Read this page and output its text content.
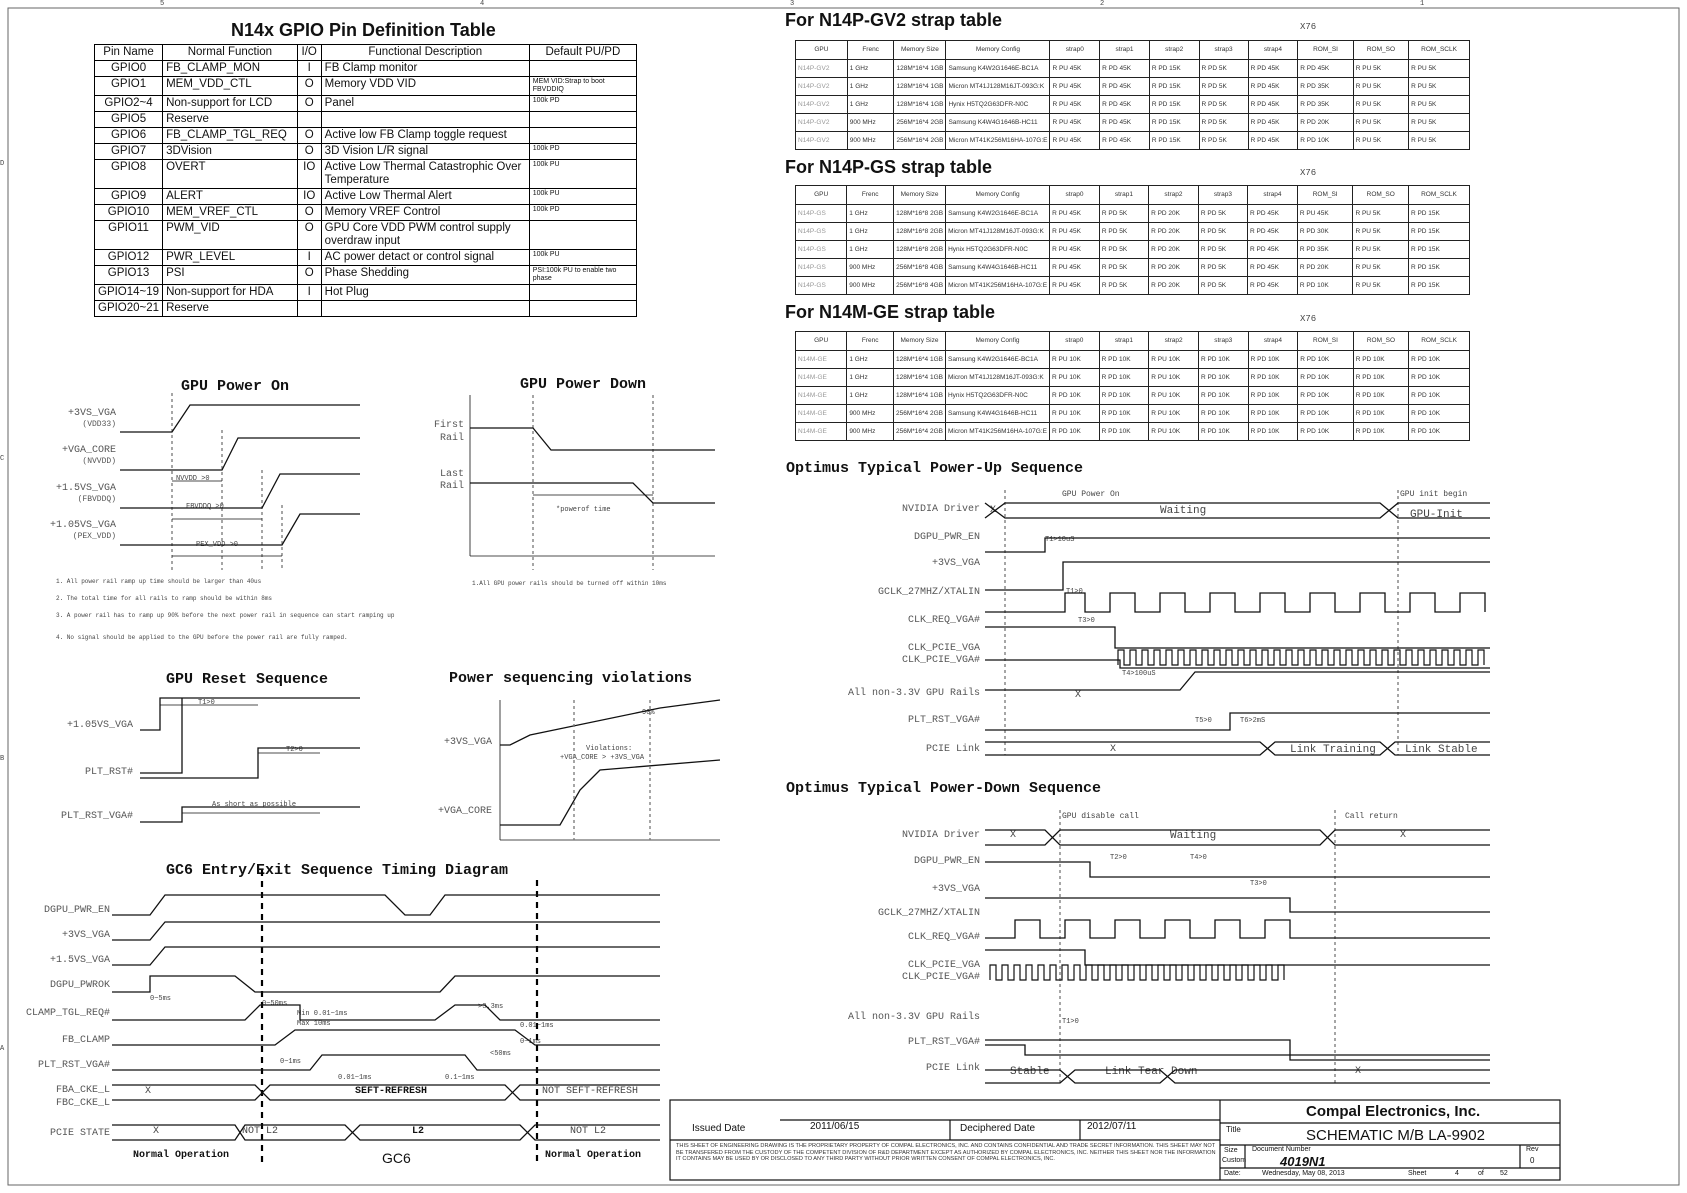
5	4	3	2	1
D
C
B
A
N14x GPIO Pin Definition Table
Pin Name	Normal Function	I/O	Functional Description	Default PU/PD
GPIO0	FB_CLAMP_MON	I	FB Clamp monitor	
GPIO1	MEM_VDD_CTL	O	Memory VDD VID	MEM VID:Strap to boot FBVDDIQ
GPIO2~4	Non-support for LCD	O	Panel	100k PD
GPIO5	Reserve			
GPIO6	FB_CLAMP_TGL_REQ	O	Active low FB Clamp toggle request	
GPIO7	3DVision	O	3D Vision L/R signal	100k PD
GPIO8	OVERT	IO	Active Low Thermal Catastrophic Over Temperature	100k PU
GPIO9	ALERT	IO	Active Low Thermal Alert	100k PU
GPIO10	MEM_VREF_CTL	O	Memory VREF Control	100k PD
GPIO11	PWM_VID	O	GPU Core VDD PWM control supply overdraw input	
GPIO12	PWR_LEVEL	I	AC power detact or control signal	100k PU
GPIO13	PSI	O	Phase Shedding	PSI:100k PU to enable two phase
GPIO14~19	Non-support for HDA	I	Hot Plug	
GPIO20~21	Reserve			
For N14P-GV2 strap table	X76
For N14P-GS strap table	X76
For N14M-GE strap table	X76
GPU	Frenc	Memory Size	Memory Config	strap0	strap1	strap2	strap3	strap4	ROM_SI	ROM_SO	ROM_SCLK
N14P-GV2	1 GHz	128M*16*4 1GB	Samsung K4W2G1646E-BC1A	R PU 45K	R PD 45K	R PD 15K	R PD 5K	R PD 45K	R PD 45K	R PU 5K	R PU 5K
N14P-GV2	1 GHz	128M*16*4 1GB	Micron MT41J128M16JT-093G:K	R PU 45K	R PD 45K	R PD 15K	R PD 5K	R PD 45K	R PD 35K	R PU 5K	R PU 5K
N14P-GV2	1 GHz	128M*16*4 1GB	Hynix H5TQ2G63DFR-N0C	R PU 45K	R PD 45K	R PD 15K	R PD 5K	R PD 45K	R PD 35K	R PU 5K	R PU 5K
N14P-GV2	900 MHz	256M*16*4 2GB	Samsung K4W4G1646B-HC11	R PU 45K	R PD 45K	R PD 15K	R PD 5K	R PD 45K	R PD 20K	R PU 5K	R PU 5K
N14P-GV2	900 MHz	256M*16*4 2GB	Micron MT41K256M16HA-107G:E	R PU 45K	R PD 45K	R PD 15K	R PD 5K	R PD 45K	R PD 10K	R PU 5K	R PU 5K
GPU	Frenc	Memory Size	Memory Config	strap0	strap1	strap2	strap3	strap4	ROM_SI	ROM_SO	ROM_SCLK
N14P-GS	1 GHz	128M*16*8 2GB	Samsung K4W2G1646E-BC1A	R PU 45K	R PD 5K	R PD 20K	R PD 5K	R PD 45K	R PU 45K	R PU 5K	R PD 15K
N14P-GS	1 GHz	128M*16*8 2GB	Micron MT41J128M16JT-093G:K	R PU 45K	R PD 5K	R PD 20K	R PD 5K	R PD 45K	R PD 30K	R PU 5K	R PD 15K
N14P-GS	1 GHz	128M*16*8 2GB	Hynix H5TQ2G63DFR-N0C	R PU 45K	R PD 5K	R PD 20K	R PD 5K	R PD 45K	R PD 35K	R PU 5K	R PD 15K
N14P-GS	900 MHz	256M*16*8 4GB	Samsung K4W4G1646B-HC11	R PU 45K	R PD 5K	R PD 20K	R PD 5K	R PD 45K	R PD 20K	R PU 5K	R PD 15K
N14P-GS	900 MHz	256M*16*8 4GB	Micron MT41K256M16HA-107G:E	R PU 45K	R PD 5K	R PD 20K	R PD 5K	R PD 45K	R PD 10K	R PU 5K	R PD 15K
GPU	Frenc	Memory Size	Memory Config	strap0	strap1	strap2	strap3	strap4	ROM_SI	ROM_SO	ROM_SCLK
N14M-GE	1 GHz	128M*16*4 1GB	Samsung K4W2G1646E-BC1A	R PU 10K	R PD 10K	R PU 10K	R PD 10K	R PD 10K	R PD 10K	R PD 10K	R PD 10K
N14M-GE	1 GHz	128M*16*4 1GB	Micron MT41J128M16JT-093G:K	R PU 10K	R PD 10K	R PU 10K	R PD 10K	R PD 10K	R PD 10K	R PD 10K	R PD 10K
N14M-GE	1 GHz	128M*16*4 1GB	Hynix H5TQ2G63DFR-N0C	R PD 10K	R PD 10K	R PU 10K	R PD 10K	R PD 10K	R PD 10K	R PD 10K	R PD 10K
N14M-GE	900 MHz	256M*16*4 2GB	Samsung K4W4G1646B-HC11	R PU 10K	R PD 10K	R PU 10K	R PD 10K	R PD 10K	R PD 10K	R PD 10K	R PD 10K
N14M-GE	900 MHz	256M*16*4 2GB	Micron MT41K256M16HA-107G:E	R PD 10K	R PD 10K	R PU 10K	R PD 10K	R PD 10K	R PD 10K	R PD 10K	R PD 10K
GPU Power On	GPU Power Down
GPU Reset Sequence	Power sequencing violations
GC6 Entry/Exit Sequence Timing Diagram
Optimus Typical Power-Up Sequence
Optimus Typical Power-Down Sequence
+3VS_VGA
(VDD33)
+VGA_CORE
(NVVDD)
+1.5VS_VGA
(FBVDDQ)
+1.05VS_VGA
(PEX_VDD)
NVVDD >0
FBVDDQ >0
PEX_VDD >0
1. All power rail ramp up time should be larger than 40us
2. The total time for all rails to ramp should be within 8ms
3. A power rail has to ramp up 90% before the next power rail in sequence can start ramping up
4. No signal should be applied to the GPU before the power rail are fully ramped.
First
Rail
Last
Rail
*powerof time
1.All GPU power rails should be turned off within 10ms
+1.05VS_VGA
PLT_RST#
PLT_RST_VGA#
T1>0
T2>0
As short as possible
+3VS_VGA
+VGA_CORE
90%
Violations:
+VGA_CORE > +3VS_VGA
DGPU_PWR_EN
+3VS_VGA
+1.5VS_VGA
DGPU_PWROK
CLAMP_TGL_REQ#
FB_CLAMP
PLT_RST_VGA#
FBA_CKE_L
FBC_CKE_L
PCIE STATE
0~5ms
0~50ms
Min 0.01~1ms
Max 10ms
>3.3ms
0~1ms
<50ms
0~1ms
0.01~1ms	0.1~1ms
0.01~1ms
X	SEFT-REFRESH	NOT SEFT-REFRESH
X	NOT L2	L2	NOT L2
Normal Operation	GC6	Normal Operation
NVIDIA Driver
DGPU_PWR_EN
+3VS_VGA
GCLK_27MHZ/XTALIN
CLK_REQ_VGA#
CLK_PCIE_VGA
CLK_PCIE_VGA#
All non-3.3V GPU Rails
PLT_RST_VGA#
PCIE Link
NVIDIA Driver
DGPU_PWR_EN
+3VS_VGA
GCLK_27MHZ/XTALIN
CLK_REQ_VGA#
CLK_PCIE_VGA
CLK_PCIE_VGA#
All non-3.3V GPU Rails
PLT_RST_VGA#
PCIE Link
GPU Power On	GPU init begin
X	Waiting	GPU-Init
T1>10uS
T1>0
T3>0
T4>100uS
X
T5>0	T6>2mS
X	Link Training	Link Stable
GPU disable call	Call return
X	Waiting	X
T2>0	T4>0
T3>0
T1>0
Stable	Link Tear Down	X
Issued Date	2011/06/15	Deciphered Date	2012/07/11
THIS SHEET OF ENGINEERING DRAWING IS THE PROPRIETARY PROPERTY OF COMPAL ELECTRONICS, INC. AND CONTAINS CONFIDENTIAL AND TRADE SECRET INFORMATION. THIS SHEET MAY NOT BE TRANSFERED FROM THE CUSTODY OF THE COMPETENT DIVISION OF R&D DEPARTMENT EXCEPT AS AUTHORIZED BY COMPAL ELECTRONICS, INC. NEITHER THIS SHEET NOR THE INFORMATION IT CONTAINS MAY BE USED BY OR DISCLOSED TO ANY THIRD PARTY WITHOUT PRIOR WRITTEN CONSENT OF COMPAL ELECTRONICS, INC.
Compal Electronics, Inc.
Title	SCHEMATIC M/B LA-9902
Size
Custom
Document Number
4019N1
Rev
0
Date:	Wednesday, May 08, 2013	Sheet	4	of 52
